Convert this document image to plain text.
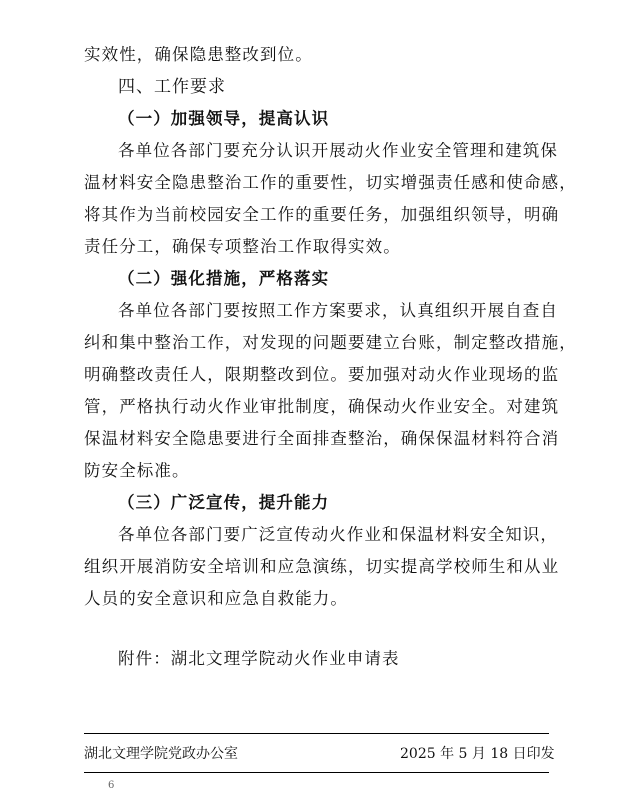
实效性，确保隐患整改到位。
四、工作要求
（一）加强领导，提高认识
各单位各部门要充分认识开展动火作业安全管理和建筑保
温材料安全隐患整治工作的重要性，切实增强责任感和使命感，
将其作为当前校园安全工作的重要任务，加强组织领导，明确
责任分工，确保专项整治工作取得实效。
（二）强化措施，严格落实
各单位各部门要按照工作方案要求，认真组织开展自查自
纠和集中整治工作，对发现的问题要建立台账，制定整改措施，
明确整改责任人，限期整改到位。要加强对动火作业现场的监
管，严格执行动火作业审批制度，确保动火作业安全。对建筑
保温材料安全隐患要进行全面排查整治，确保保温材料符合消
防安全标准。
（三）广泛宣传，提升能力
各单位各部门要广泛宣传动火作业和保温材料安全知识，
组织开展消防安全培训和应急演练，切实提高学校师生和从业
人员的安全意识和应急自救能力。
附件：湖北文理学院动火作业申请表
湖北文理学院党政办公室	2025 年 5 月 18 日印发
6
